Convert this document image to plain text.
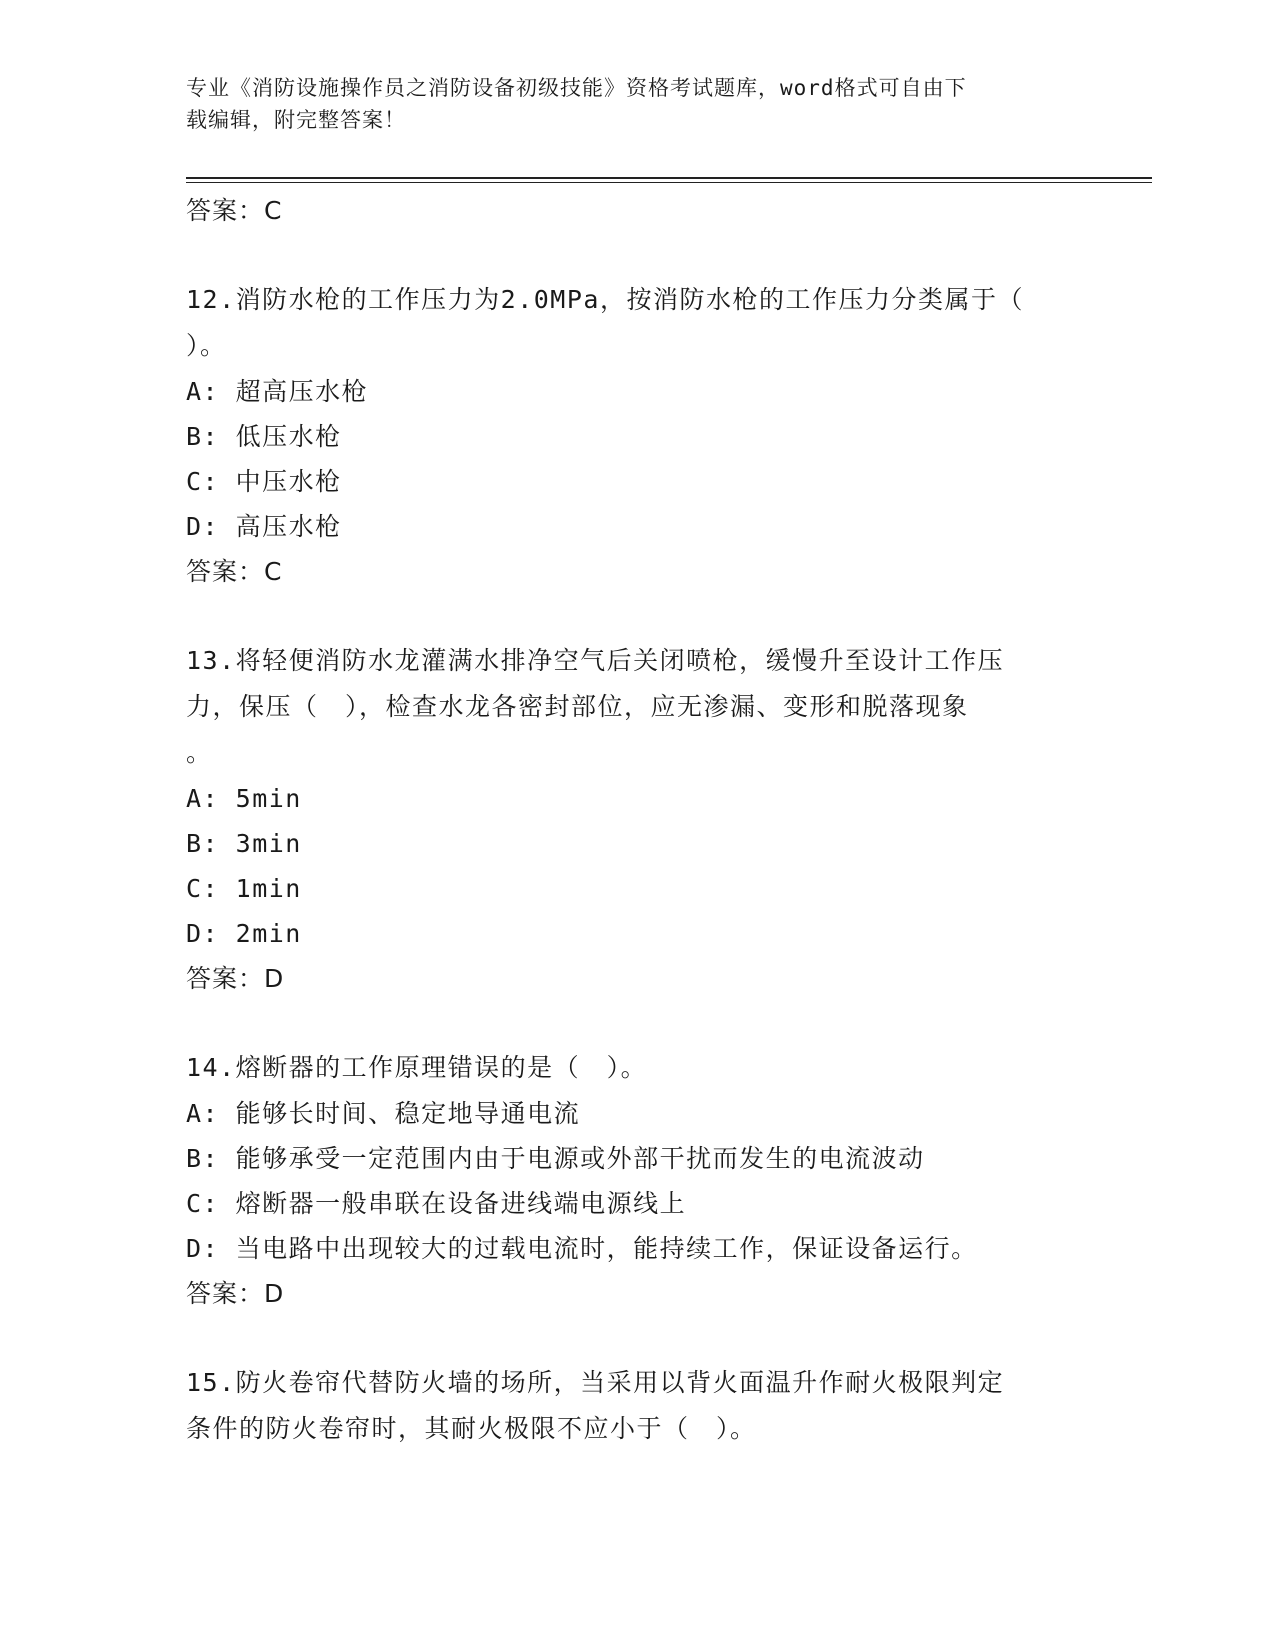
专业《消防设施操作员之消防设备初级技能》资格考试题库，word格式可自由下
载编辑，附完整答案！
答案：C
12.消防水枪的工作压力为2.0MPa，按消防水枪的工作压力分类属于（
）。
A: 超高压水枪
B: 低压水枪
C: 中压水枪
D: 高压水枪
答案：C
13.将轻便消防水龙灌满水排净空气后关闭喷枪，缓慢升至设计工作压
力，保压（　），检查水龙各密封部位，应无渗漏、变形和脱落现象
。
A: 5min
B: 3min
C: 1min
D: 2min
答案：D
14.熔断器的工作原理错误的是（　）。
A: 能够长时间、稳定地导通电流
B: 能够承受一定范围内由于电源或外部干扰而发生的电流波动
C: 熔断器一般串联在设备进线端电源线上
D: 当电路中出现较大的过载电流时，能持续工作，保证设备运行。
答案：D
15.防火卷帘代替防火墙的场所，当采用以背火面温升作耐火极限判定
条件的防火卷帘时，其耐火极限不应小于（　）。
